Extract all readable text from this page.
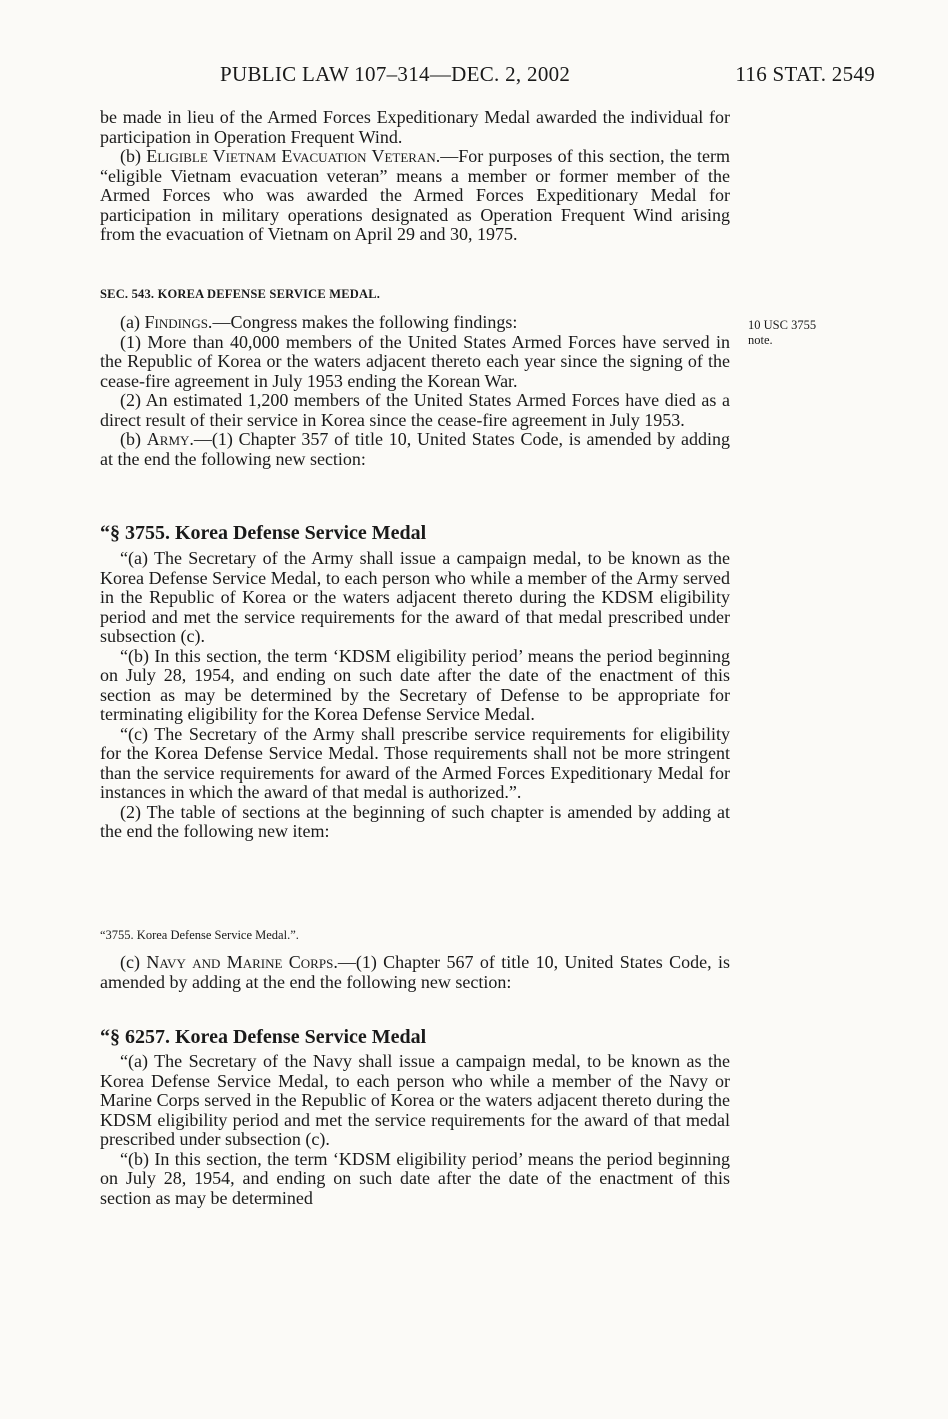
PUBLIC LAW 107–314—DEC. 2, 2002	116 STAT. 2549
10 USC 3755
note.

be made in lieu of the Armed Forces Expeditionary Medal awarded the individual for participation in Operation Frequent Wind.

(b) Eligible Vietnam Evacuation Veteran.—For purposes of this section, the term “eligible Vietnam evacuation veteran” means a member or former member of the Armed Forces who was awarded the Armed Forces Expeditionary Medal for participation in military operations designated as Operation Frequent Wind arising from the evacuation of Vietnam on April 29 and 30, 1975.

SEC. 543. KOREA DEFENSE SERVICE MEDAL.

(a) Findings.—Congress makes the following findings:

(1) More than 40,000 members of the United States Armed Forces have served in the Republic of Korea or the waters adjacent thereto each year since the signing of the cease-fire agreement in July 1953 ending the Korean War.

(2) An estimated 1,200 members of the United States Armed Forces have died as a direct result of their service in Korea since the cease-fire agreement in July 1953.

(b) Army.—(1) Chapter 357 of title 10, United States Code, is amended by adding at the end the following new section:

“§ 3755. Korea Defense Service Medal

“(a) The Secretary of the Army shall issue a campaign medal, to be known as the Korea Defense Service Medal, to each person who while a member of the Army served in the Republic of Korea or the waters adjacent thereto during the KDSM eligibility period and met the service requirements for the award of that medal prescribed under subsection (c).

“(b) In this section, the term ‘KDSM eligibility period’ means the period beginning on July 28, 1954, and ending on such date after the date of the enactment of this section as may be determined by the Secretary of Defense to be appropriate for terminating eligibility for the Korea Defense Service Medal.

“(c) The Secretary of the Army shall prescribe service requirements for eligibility for the Korea Defense Service Medal. Those requirements shall not be more stringent than the service requirements for award of the Armed Forces Expeditionary Medal for instances in which the award of that medal is authorized.”.

(2) The table of sections at the beginning of such chapter is amended by adding at the end the following new item:

“3755. Korea Defense Service Medal.”.

(c) Navy and Marine Corps.—(1) Chapter 567 of title 10, United States Code, is amended by adding at the end the following new section:

“§ 6257. Korea Defense Service Medal

“(a) The Secretary of the Navy shall issue a campaign medal, to be known as the Korea Defense Service Medal, to each person who while a member of the Navy or Marine Corps served in the Republic of Korea or the waters adjacent thereto during the KDSM eligibility period and met the service requirements for the award of that medal prescribed under subsection (c).

“(b) In this section, the term ‘KDSM eligibility period’ means the period beginning on July 28, 1954, and ending on such date after the date of the enactment of this section as may be determined
